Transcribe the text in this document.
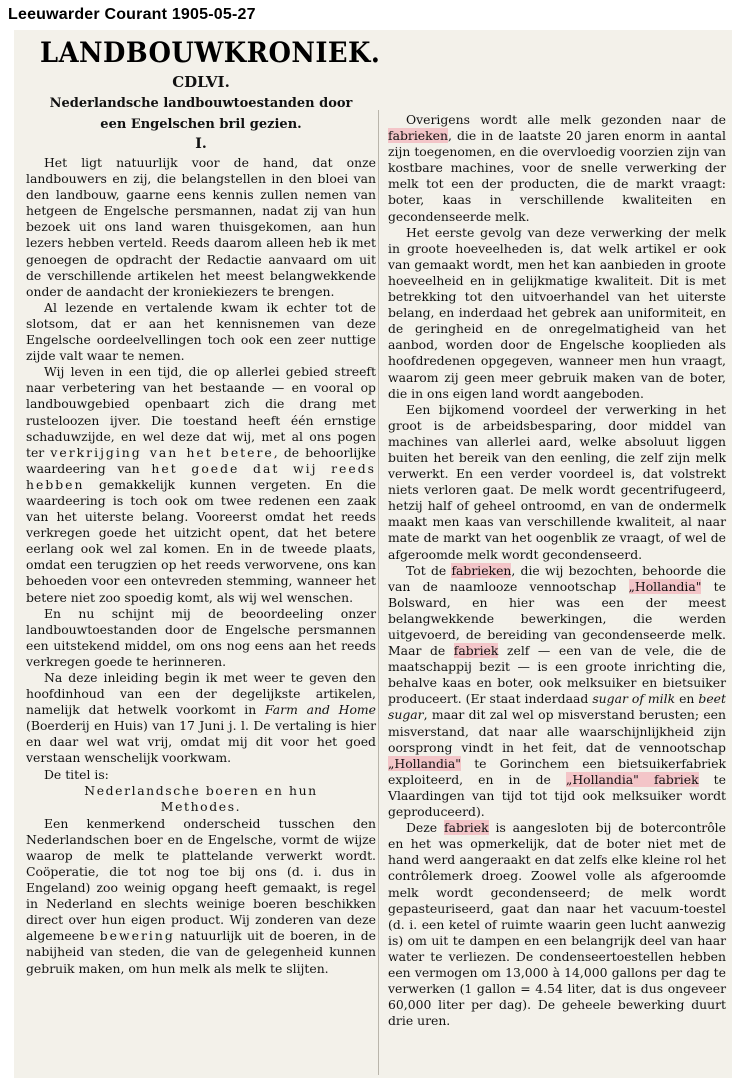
Leeuwarder Courant 1905-05-27
LANDBOUWKRONIEK.
CDLVI.
Nederlandsche landbouwtoestanden door
een Engelschen bril gezien.
I.

Het ligt natuurlijk voor de hand, dat onze landbouwers en zij, die belangstellen in den bloei van den landbouw, gaarne eens kennis zullen nemen van hetgeen de Engelsche persmannen, nadat zij van hun bezoek uit ons land waren thuisgekomen, aan hun lezers hebben verteld. Reeds daarom alleen heb ik met genoegen de opdracht der Redactie aanvaard om uit de verschillende artikelen het meest belangwekkende onder de aandacht der kroniekiezers te brengen.

Al lezende en vertalende kwam ik echter tot de slotsom, dat er aan het kennisnemen van deze Engelsche oordeelvellingen toch ook een zeer nuttige zijde valt waar te nemen.

Wij leven in een tijd, die op allerlei gebied streeft naar verbetering van het bestaande — en vooral op landbouwgebied openbaart zich die drang met rusteloozen ijver. Die toestand heeft één ernstige schaduwzijde, en wel deze dat wij, met al ons pogen ter verkrijging van het betere, de behoorlijke waardeering van het goede dat wij reeds hebben gemakkelijk kunnen vergeten. En die waardeering is toch ook om twee redenen een zaak van het uiterste belang. Vooreerst omdat het reeds verkregen goede het uitzicht opent, dat het betere eerlang ook wel zal komen. En in de tweede plaats, omdat een terugzien op het reeds verworvene, ons kan behoeden voor een ontevreden stemming, wanneer het betere niet zoo spoedig komt, als wij wel wenschen.

En nu schijnt mij de beoordeeling onzer landbouwtoestanden door de Engelsche persmannen een uitstekend middel, om ons nog eens aan het reeds verkregen goede te herinneren.

Na deze inleiding begin ik met weer te geven den hoofdinhoud van een der degelijkste artikelen, namelijk dat hetwelk voorkomt in Farm and Home (Boerderij en Huis) van 17 Juni j. l. De vertaling is hier en daar wel wat vrij, omdat mij dit voor het goed verstaan wenschelijk voorkwam.

De titel is:

Nederlandsche boeren en hun
Methodes.

Een kenmerkend onderscheid tusschen den Nederlandschen boer en de Engelsche, vormt de wijze waarop de melk te plattelande verwerkt wordt. Coöperatie, die tot nog toe bij ons (d. i. dus in Engeland) zoo weinig opgang heeft gemaakt, is regel in Nederland en slechts weinige boeren beschikken direct over hun eigen product. Wij zonderen van deze algemeene bewering natuurlijk uit de boeren, in de nabijheid van steden, die van de gelegenheid kunnen gebruik maken, om hun melk als melk te slijten.

Overigens wordt alle melk gezonden naar de fabrieken, die in de laatste 20 jaren enorm in aantal zijn toegenomen, en die overvloedig voorzien zijn van kostbare machines, voor de snelle verwerking der melk tot een der producten, die de markt vraagt: boter, kaas in verschillende kwaliteiten en gecondenseerde melk.

Het eerste gevolg van deze verwerking der melk in groote hoeveelheden is, dat welk artikel er ook van gemaakt wordt, men het kan aanbieden in groote hoeveelheid en in gelijkmatige kwaliteit. Dit is met betrekking tot den uitvoerhandel van het uiterste belang, en inderdaad het gebrek aan uniformiteit, en de geringheid en de onregelmatigheid van het aanbod, worden door de Engelsche kooplieden als hoofdredenen opgegeven, wanneer men hun vraagt, waarom zij geen meer gebruik maken van de boter, die in ons eigen land wordt aangeboden.

Een bijkomend voordeel der verwerking in het groot is de arbeidsbesparing, door middel van machines van allerlei aard, welke absoluut liggen buiten het bereik van den eenling, die zelf zijn melk verwerkt. En een verder voordeel is, dat volstrekt niets verloren gaat. De melk wordt gecentrifugeerd, hetzij half of geheel ontroomd, en van de ondermelk maakt men kaas van verschillende kwaliteit, al naar mate de markt van het oogenblik ze vraagt, of wel de afgeroomde melk wordt gecondenseerd.

Tot de fabrieken, die wij bezochten, behoorde die van de naamlooze vennootschap „Hollandia" te Bolsward, en hier was een der meest belangwekkende bewerkingen, die werden uitgevoerd, de bereiding van gecondenseerde melk. Maar de fabriek zelf — een van de vele, die de maatschappij bezit — is een groote inrichting die, behalve kaas en boter, ook melksuiker en bietsuiker produceert. (Er staat inderdaad sugar of milk en beet sugar, maar dit zal wel op misverstand berusten; een misverstand, dat naar alle waarschijnlijkheid zijn oorsprong vindt in het feit, dat de vennootschap „Hollandia" te Gorinchem een bietsuikerfabriek exploiteerd, en in de „Hollandia" fabriek te Vlaardingen van tijd tot tijd ook melksuiker wordt geproduceerd).

Deze fabriek is aangesloten bij de botercontrôle en het was opmerkelijk, dat de boter niet met de hand werd aangeraakt en dat zelfs elke kleine rol het contrôlemerk droeg. Zoowel volle als afgeroomde melk wordt gecondenseerd; de melk wordt gepasteuriseerd, gaat dan naar het vacuum-toestel (d. i. een ketel of ruimte waarin geen lucht aanwezig is) om uit te dampen en een belangrijk deel van haar water te verliezen. De condenseertoestellen hebben een vermogen om 13,000 à 14,000 gallons per dag te verwerken (1 gallon = 4.54 liter, dat is dus ongeveer 60,000 liter per dag). De geheele bewerking duurt drie uren.
